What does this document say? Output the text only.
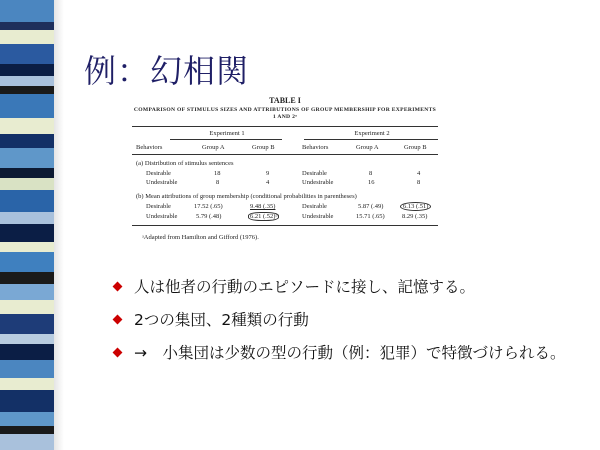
例：幻相関
TABLE I
COMPARISON OF STIMULUS SIZES AND ATTRIBUTIONS OF GROUP MEMBERSHIP FOR EXPERIMENTS
1 AND 2ᵃ
Experiment 1	Experiment 2
Behaviors	Group A	Group B	Behaviors	Group A	Group B
(a) Distribution of stimulus sentences
Desirable	18	9	Desirable	8	4
Undesirable	8	4	Undesirable	16	8
(b) Mean attributions of group membership (conditional probabilities in parentheses)
Desirable	17.52 (.65)	9.48 (.35)	Desirable	5.87 (.49)	6.13 (.51)
Undesirable	5.79 (.48)	6.21 (.52)ᵇ	Undesirable	15.71 (.65)	8.29 (.35)
ᵃAdapted from Hamilton and Gifford (1976).
人は他者の行動のエピソードに接し、記憶する。
2つの集団、2種類の行動
→　小集団は少数の型の行動（例：犯罪）で特徴づけられる。
